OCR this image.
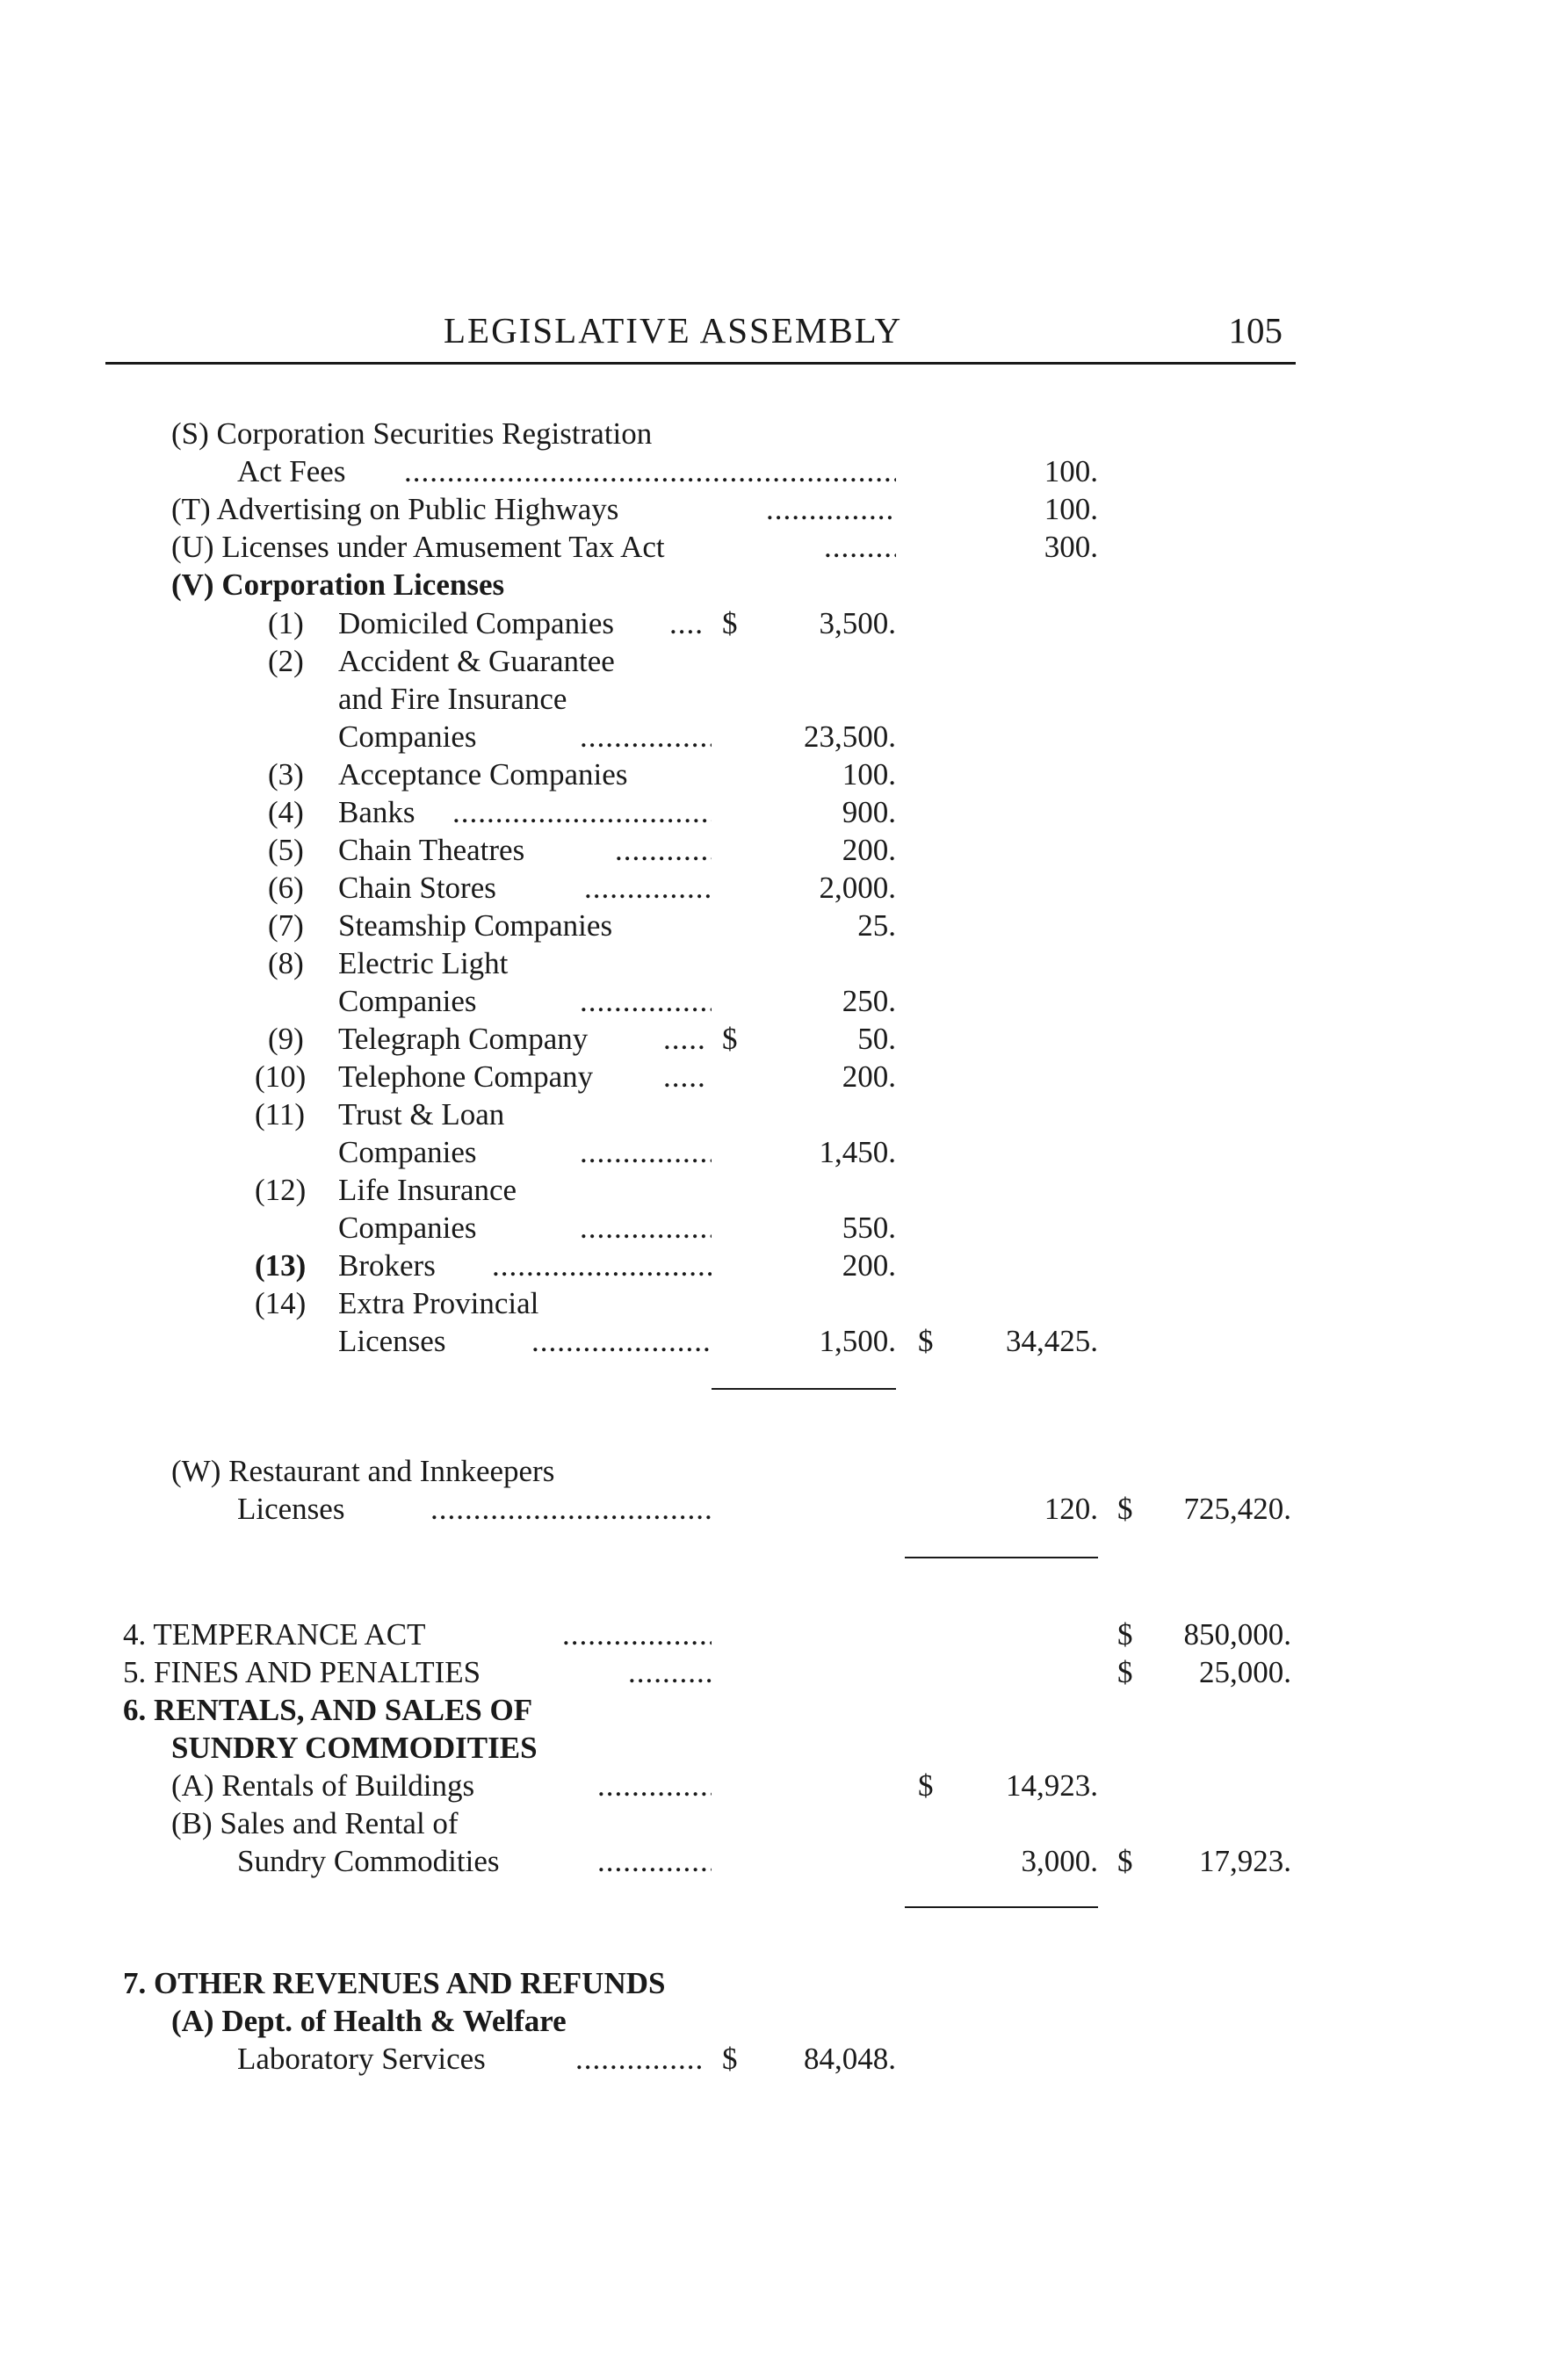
LEGISLATIVE ASSEMBLY	105
(S) Corporation Securities Registration
Act Fees .....	100.
(T) Advertising on Public Highways .....	100.
(U) Licenses under Amusement Tax Act .....	300.
(V) Corporation Licenses
(1) Domiciled Companies .....	$	3,500.
(2) Accident & Guarantee
and Fire Insurance
Companies .....	23,500.
(3) Acceptance Companies	100.
(4) Banks .....	900.
(5) Chain Theatres .....	200.
(6) Chain Stores .....	2,000.
(7) Steamship Companies	25.
(8) Electric Light
Companies .....	250.
(9) Telegraph Company .....	$	50.
(10) Telephone Company .....	200.
(11) Trust & Loan
Companies .....	1,450.
(12) Life Insurance
Companies .....	550.
(13) Brokers .....	200.
(14) Extra Provincial
Licenses .....	1,500. $	34,425.
(W) Restaurant and Innkeepers
Licenses .....	120. $	725,420.
4. TEMPERANCE ACT .....	$	850,000.
5. FINES AND PENALTIES .....	$	25,000.
6. RENTALS, AND SALES OF
SUNDRY COMMODITIES
(A) Rentals of Buildings .....	$	14,923.
(B) Sales and Rental of
Sundry Commodities .....	3,000. $	17,923.
7. OTHER REVENUES AND REFUNDS
(A) Dept. of Health & Welfare
Laboratory Services .....	$	84,048.
